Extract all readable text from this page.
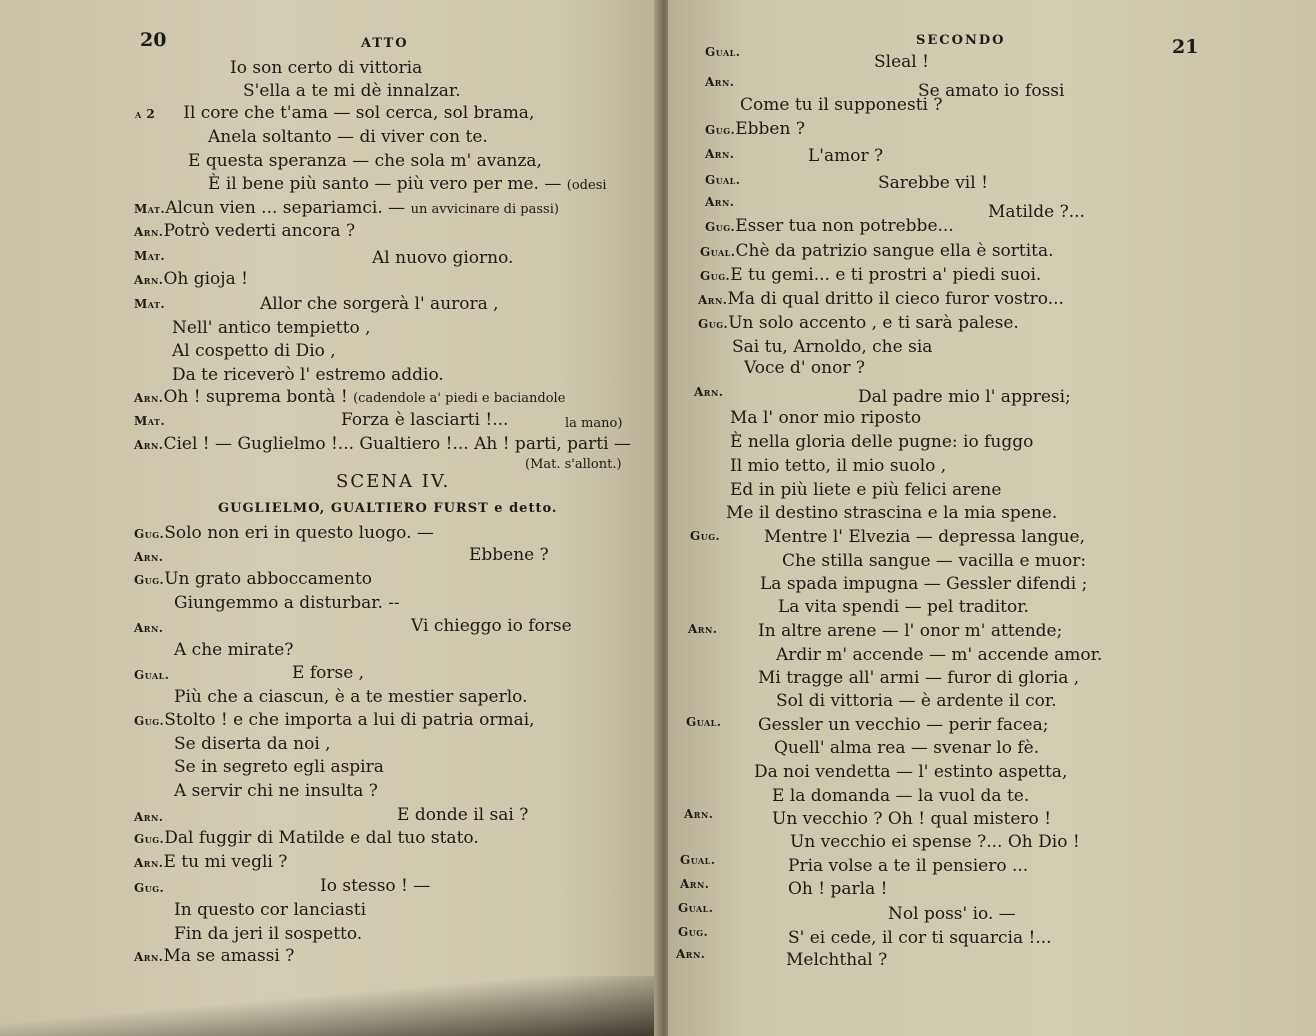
20	ATTO
Io son certo di vittoria
S'ella a te mi dè innalzar.
a 2 Il core che t'ama — sol cerca, sol brama,
Anela soltanto — di viver con te.
E questa speranza — che sola m' avanza,
È il bene più santo — più vero per me. — (odesi
Mat.Alcun vien ... separiamci. — un avvicinare di passi)
Arn.Potrò vederti ancora ?
Mat.	Al nuovo giorno.
Arn.Oh gioja !
Mat.	Allor che sorgerà l' aurora ,
Nell' antico tempietto ,
Al cospetto di Dio ,
Da te riceverò l' estremo addio.
Arn.Oh ! suprema bontà ! (cadendole a' piedi e baciandole
Mat.	Forza è lasciarti !...	la mano)
Arn.Ciel ! — Guglielmo !... Gualtiero !... Ah ! parti, parti —
(Mat. s'allont.)
SCENA IV.
GUGLIELMO, GUALTIERO FURST e detto.
Gug.Solo non eri in questo luogo. —
Arn.	Ebbene ?
Gug.Un grato abboccamento
Giungemmo a disturbar. --
Arn.	Vi chieggo io forse
A che mirate?
Gual.	E forse ,
Più che a ciascun, è a te mestier saperlo.
Gug.Stolto ! e che importa a lui di patria ormai,
Se diserta da noi ,
Se in segreto egli aspira
A servir chi ne insulta ?
Arn.	E donde il sai ?
Gug.Dal fuggir di Matilde e dal tuo stato.
Arn.E tu mi vegli ?
Gug.	Io stesso ! —
In questo cor lanciasti
Fin da jeri il sospetto.
Arn.Ma se amassi ?
SECONDO	21
Gual.	Sleal !
Arn.	Se amato io fossi
Come tu il supponesti ?
Gug.Ebben ?
Arn.	L'amor ?
Gual.	Sarebbe vil !
Arn.	Matilde ?...
Gug.Esser tua non potrebbe...
Gual.Chè da patrizio sangue ella è sortita.
Gug.E tu gemi... e ti prostri a' piedi suoi.
Arn.Ma di qual dritto il cieco furor vostro...
Gug.Un solo accento , e ti sarà palese.
Sai tu, Arnoldo, che sia
Voce d' onor ?
Arn.	Dal padre mio l' appresi;
Ma l' onor mio riposto
È nella gloria delle pugne: io fuggo
Il mio tetto, il mio suolo ,
Ed in più liete e più felici arene
Me il destino strascina e la mia spene.
Gug.	Mentre l' Elvezia — depressa langue,
Che stilla sangue — vacilla e muor:
La spada impugna — Gessler difendi ;
La vita spendi — pel traditor.
Arn. In altre arene — l' onor m' attende;
Ardir m' accende — m' accende amor.
Mi tragge all' armi — furor di gloria ,
Sol di vittoria — è ardente il cor.
Gual. Gessler un vecchio — perir facea;
Quell' alma rea — svenar lo fè.
Da noi vendetta — l' estinto aspetta,
E la domanda — la vuol da te.
Arn.	Un vecchio ? Oh ! qual mistero !
Un vecchio ei spense ?... Oh Dio !
Gual.	Pria volse a te il pensiero ...
Arn.	Oh ! parla !
Gual.	Nol poss' io. —
Gug.	S' ei cede, il cor ti squarcia !...
Arn.	Melchthal ?
